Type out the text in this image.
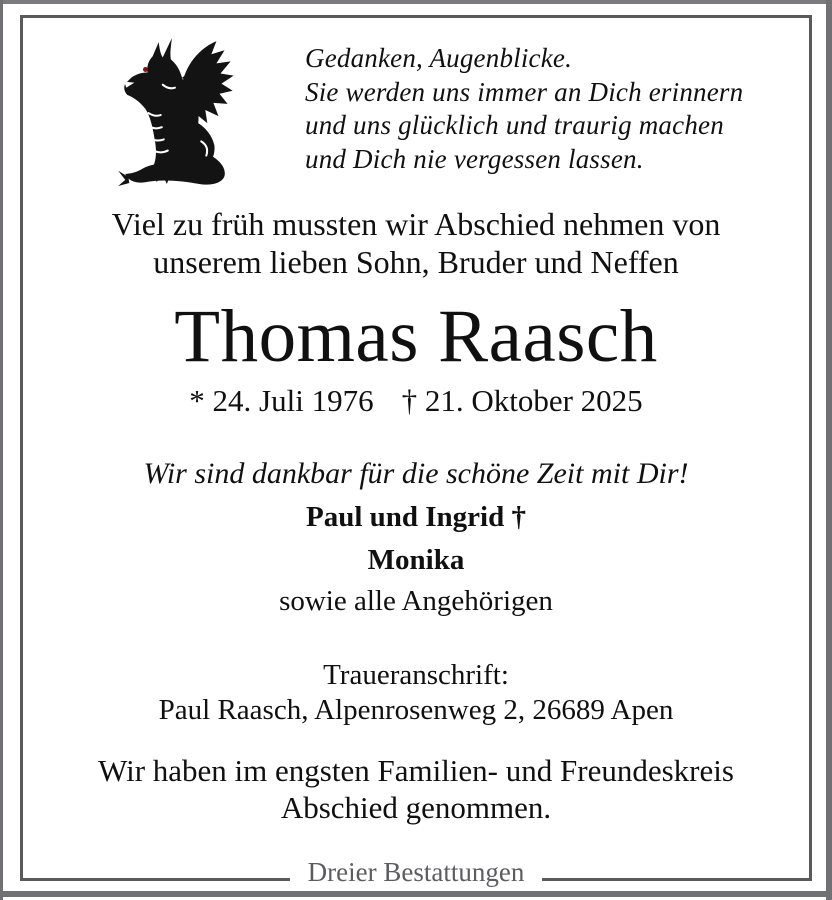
Gedanken, Augenblicke.
Sie werden uns immer an Dich erinnern
und uns glücklich und traurig machen
und Dich nie vergessen lassen.
Viel zu früh mussten wir Abschied nehmen von
unserem lieben Sohn, Bruder und Neffen
Thomas Raasch
* 24. Juli 1976 † 21. Oktober 2025
Wir sind dankbar für die schöne Zeit mit Dir!
Paul und Ingrid †
Monika
sowie alle Angehörigen
Traueranschrift:
Paul Raasch, Alpenrosenweg 2, 26689 Apen
Wir haben im engsten Familien- und Freundeskreis
Abschied genommen.
Dreier Bestattungen
